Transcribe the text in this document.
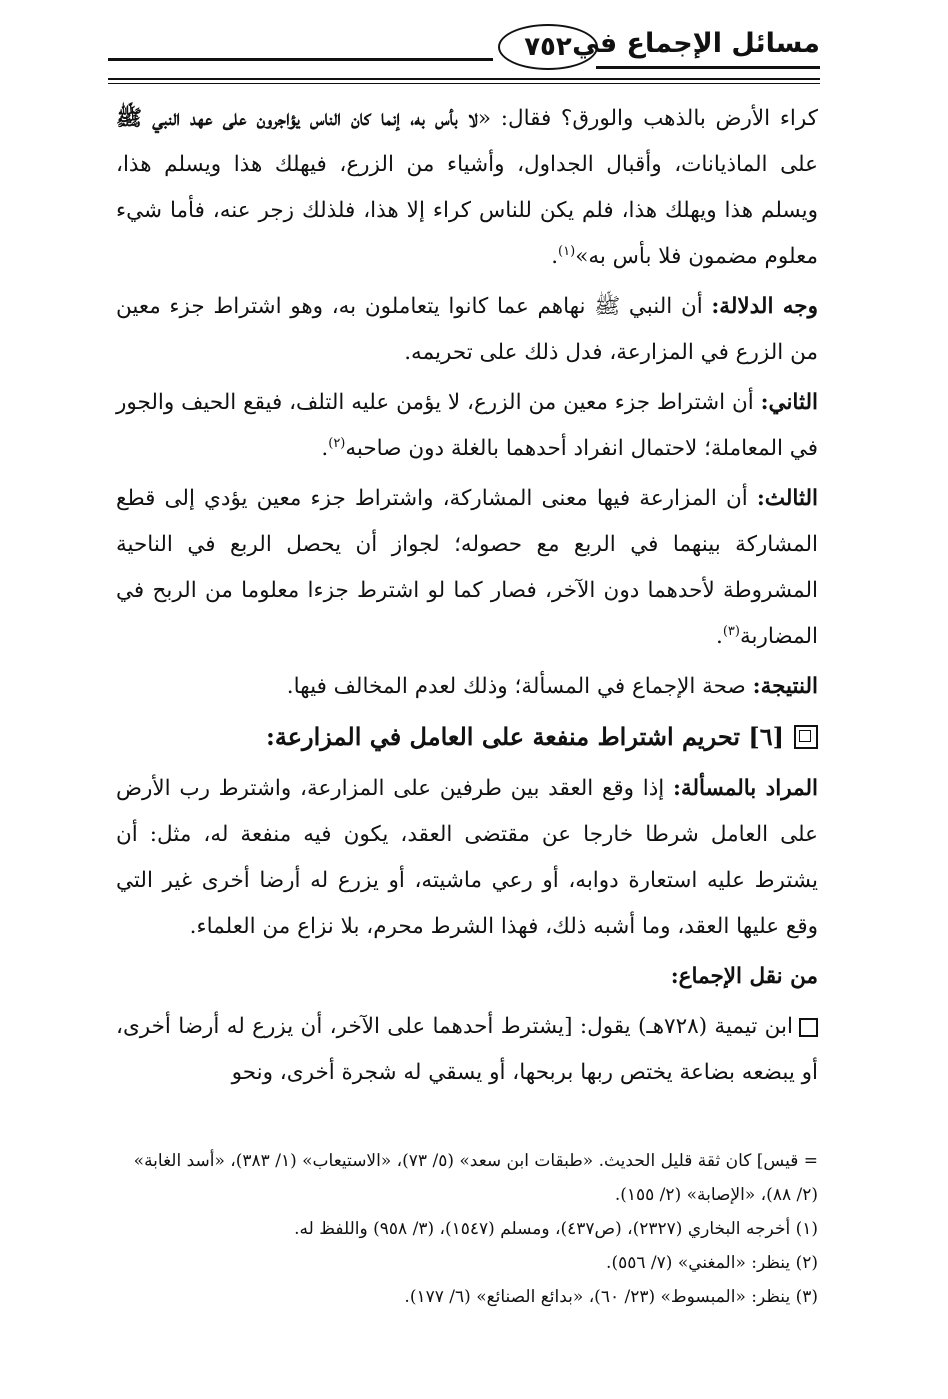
مسائل الإجماع في
٧٥٢

كراء الأرض بالذهب والورق؟ فقال: «لا بأس به، إنما كان الناس يؤاجرون على عهد النبي ﷺ على الماذيانات، وأقبال الجداول، وأشياء من الزرع، فيهلك هذا ويسلم هذا، ويسلم هذا ويهلك هذا، فلم يكن للناس كراء إلا هذا، فلذلك زجر عنه، فأما شيء معلوم مضمون فلا بأس به»$^{(١)}$.

وجه الدلالة: أن النبي ﷺ نهاهم عما كانوا يتعاملون به، وهو اشتراط جزء معين من الزرع في المزارعة، فدل ذلك على تحريمه.

الثاني: أن اشتراط جزء معين من الزرع، لا يؤمن عليه التلف، فيقع الحيف والجور في المعاملة؛ لاحتمال انفراد أحدهما بالغلة دون صاحبه$^{(٢)}$.

الثالث: أن المزارعة فيها معنى المشاركة، واشتراط جزء معين يؤدي إلى قطع المشاركة بينهما في الربع مع حصوله؛ لجواز أن يحصل الربع في الناحية المشروطة لأحدهما دون الآخر، فصار كما لو اشترط جزءا معلوما من الربح في المضاربة$^{(٣)}$.

النتيجة: صحة الإجماع في المسألة؛ وذلك لعدم المخالف فيها.

[٦] تحريم اشتراط منفعة على العامل في المزارعة:

المراد بالمسألة: إذا وقع العقد بين طرفين على المزارعة، واشترط رب الأرض على العامل شرطا خارجا عن مقتضى العقد، يكون فيه منفعة له، مثل: أن يشترط عليه استعارة دوابه، أو رعي ماشيته، أو يزرع له أرضا أخرى غير التي وقع عليها العقد، وما أشبه ذلك، فهذا الشرط محرم، بلا نزاع من العلماء.

من نقل الإجماع:

ابن تيمية (٧٢٨هـ) يقول: [يشترط أحدهما على الآخر، أن يزرع له أرضا أخرى، أو يبضعه بضاعة يختص ربها بربحها، أو يسقي له شجرة أخرى، ونحو

= قيس] كان ثقة قليل الحديث. «طبقات ابن سعد» (٥/ ٧٣)، «الاستيعاب» (١/ ٣٨٣)، «أسد الغابة» (٢/ ٨٨)، «الإصابة» (٢/ ١٥٥).

(١) أخرجه البخاري (٢٣٢٧)، (ص٤٣٧)، ومسلم (١٥٤٧)، (٣/ ٩٥٨) واللفظ له.

(٢) ينظر: «المغني» (٧/ ٥٥٦).

(٣) ينظر: «المبسوط» (٢٣/ ٦٠)، «بدائع الصنائع» (٦/ ١٧٧).
